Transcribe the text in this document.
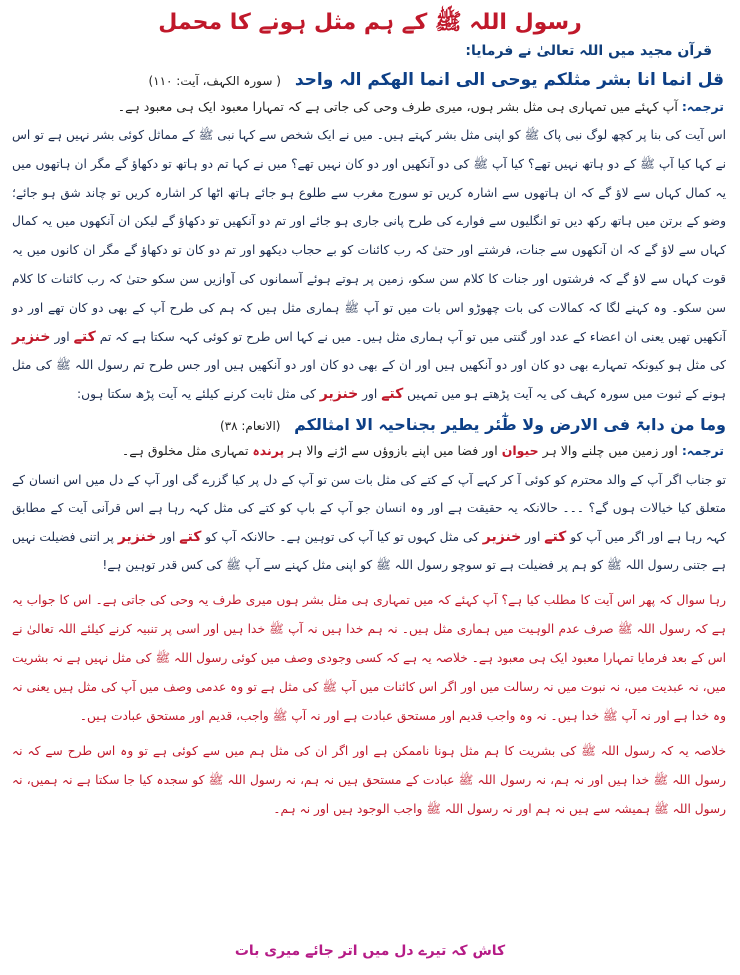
رسول اللہ ﷺ کے ہم مثل ہونے کا محمل

قرآن مجید میں اللہ تعالیٰ نے فرمایا:

قل انما انا بشر مثلکم یوحی الی انما الھکم الہ واحد ( سورہ الکہف، آیت: ۱۱۰)

ترجمہ: آپ کہئے میں تمہاری ہی مثل بشر ہوں، میری طرف وحی کی جاتی ہے کہ تمہارا معبود ایک ہی معبود ہے۔

اس آیت کی بنا پر کچھ لوگ نبی پاک ﷺ کو اپنی مثل بشر کہتے ہیں۔ میں نے ایک شخص سے کہا نبی ﷺ کے مماثل کوئی بشر نہیں ہے تو اس نے کہا کیا آپ ﷺ کے دو ہاتھ نہیں تھے؟ کیا آپ ﷺ کی دو آنکھیں اور دو کان نہیں تھے؟ میں نے کہا تم دو ہاتھ تو دکھاؤ گے مگر ان ہاتھوں میں یہ کمال کہاں سے لاؤ گے کہ ان ہاتھوں سے اشارہ کریں تو سورج مغرب سے طلوع ہو جائے ہاتھ اٹھا کر اشارہ کریں تو چاند شق ہو جائے؛ وضو کے برتن میں ہاتھ رکھ دیں تو انگلیوں سے فوارے کی طرح پانی جاری ہو جائے اور تم دو آنکھیں تو دکھاؤ گے لیکن ان آنکھوں میں یہ کمال کہاں سے لاؤ گے کہ ان آنکھوں سے جنات، فرشتے اور حتیٰ کہ رب کائنات کو بے حجاب دیکھو اور تم دو کان تو دکھاؤ گے مگر ان کانوں میں یہ قوت کہاں سے لاؤ گے کہ فرشتوں اور جنات کا کلام سن سکو، زمین پر ہوتے ہوئے آسمانوں کی آوازیں سن سکو حتیٰ کہ رب کائنات کا کلام سن سکو۔ وہ کہنے لگا کہ کمالات کی بات چھوڑو اس بات میں تو آپ ﷺ ہماری مثل ہیں کہ ہم کی طرح آپ کے بھی دو کان تھے اور دو آنکھیں تھیں یعنی ان اعضاء کے عدد اور گنتی میں تو آپ ہماری مثل ہیں۔ میں نے کہا اس طرح تو کوئی کہہ سکتا ہے کہ تم کتے اور خنزیر کی مثل ہو کیونکہ تمہارے بھی دو کان اور دو آنکھیں ہیں اور ان کے بھی دو کان اور دو آنکھیں ہیں اور جس طرح تم رسول اللہ ﷺ کی مثل ہونے کے ثبوت میں سورہ کہف کی یہ آیت پڑھتے ہو میں تمہیں کتے اور خنزیر کی مثل ثابت کرنے کیلئے یہ آیت پڑھ سکتا ہوں:

وما من دابۃ فی الارض ولا طٰٓئر یطیر بجناحیہ الا امثالکم (الانعام: ۳۸)

ترجمہ: اور زمین میں چلنے والا ہر حیوان اور فضا میں اپنے بازوؤں سے اڑنے والا ہر پرندہ تمہاری مثل مخلوق ہے۔

تو جناب اگر آپ کے والد محترم کو کوئی آ کر کہے آپ کے کتے کی مثل بات سن تو آپ کے دل پر کیا گزرے گی اور آپ کے دل میں اس انسان کے متعلق کیا خیالات ہوں گے؟ ۔۔۔ حالانکہ یہ حقیقت ہے اور وہ انسان جو آپ کے باپ کو کتے کی مثل کہہ رہا ہے اس قرآنی آیت کے مطابق کہہ رہا ہے اور اگر میں آپ کو کتے اور خنزیر کی مثل کہوں تو کیا آپ کی توہین ہے۔ حالانکہ آپ کو کتے اور خنزیر پر اتنی فضیلت نہیں ہے جتنی رسول اللہ ﷺ کو ہم پر فضیلت ہے تو سوچو رسول اللہ ﷺ کو اپنی مثل کہنے سے آپ ﷺ کی کس قدر توہین ہے!

رہا سوال کہ پھر اس آیت کا مطلب کیا ہے؟ آپ کہئے کہ میں تمہاری ہی مثل بشر ہوں میری طرف یہ وحی کی جاتی ہے۔ اس کا جواب یہ ہے کہ رسول اللہ ﷺ صرف عدم الوہیت میں ہماری مثل ہیں۔ نہ ہم خدا ہیں نہ آپ ﷺ خدا ہیں اور اسی پر تنبیہ کرنے کیلئے اللہ تعالیٰ نے اس کے بعد فرمایا تمہارا معبود ایک ہی معبود ہے۔ خلاصہ یہ ہے کہ کسی وجودی وصف میں کوئی رسول اللہ ﷺ کی مثل نہیں ہے نہ بشریت میں، نہ عبدیت میں، نہ نبوت میں نہ رسالت میں اور اگر اس کائنات میں آپ ﷺ کی مثل ہے تو وہ عدمی وصف میں آپ کی مثل ہیں یعنی نہ وہ خدا ہے اور نہ آپ ﷺ خدا ہیں۔ نہ وہ واجب قدیم اور مستحق عبادت ہے اور نہ آپ ﷺ واجب، قدیم اور مستحق عبادت ہیں۔

خلاصہ یہ کہ رسول اللہ ﷺ کی بشریت کا ہم مثل ہونا ناممکن ہے اور اگر ان کی مثل ہم میں سے کوئی ہے تو وہ اس طرح سے کہ نہ رسول اللہ ﷺ خدا ہیں اور نہ ہم، نہ رسول اللہ ﷺ عبادت کے مستحق ہیں نہ ہم، نہ رسول اللہ ﷺ کو سجدہ کیا جا سکتا ہے نہ ہمیں، نہ رسول اللہ ﷺ ہمیشہ سے ہیں نہ ہم اور نہ رسول اللہ ﷺ واجب الوجود ہیں اور نہ ہم۔

کاش کہ تیرے دل میں اتر جائے میری بات
